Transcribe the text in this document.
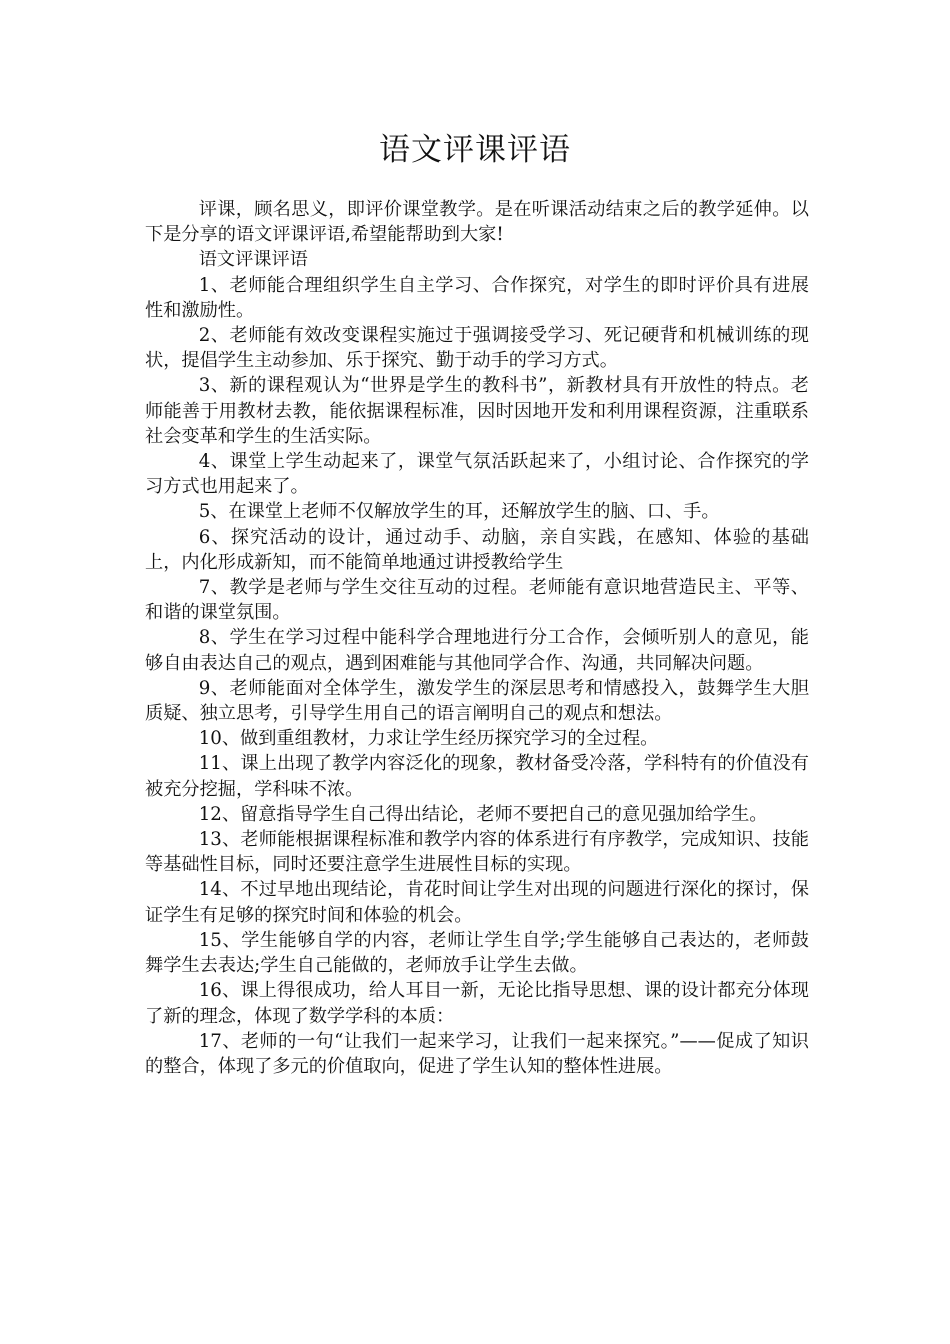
语文评课评语

评课，顾名思义，即评价课堂教学。是在听课活动结束之后的教学延伸。以下是分享的语文评课评语,希望能帮助到大家!

语文评课评语

1、老师能合理组织学生自主学习、合作探究，对学生的即时评价具有进展性和激励性。

2、老师能有效改变课程实施过于强调接受学习、死记硬背和机械训练的现状，提倡学生主动参加、乐于探究、勤于动手的学习方式。

3、新的课程观认为“世界是学生的教科书”，新教材具有开放性的特点。老师能善于用教材去教，能依据课程标准，因时因地开发和利用课程资源，注重联系社会变革和学生的生活实际。

4、课堂上学生动起来了，课堂气氛活跃起来了，小组讨论、合作探究的学习方式也用起来了。

5、在课堂上老师不仅解放学生的耳，还解放学生的脑、口、手。

6、探究活动的设计，通过动手、动脑，亲自实践，在感知、体验的基础上，内化形成新知，而不能简单地通过讲授教给学生

7、教学是老师与学生交往互动的过程。老师能有意识地营造民主、平等、和谐的课堂氛围。

8、学生在学习过程中能科学合理地进行分工合作，会倾听别人的意见，能够自由表达自己的观点，遇到困难能与其他同学合作、沟通，共同解决问题。

9、老师能面对全体学生，激发学生的深层思考和情感投入，鼓舞学生大胆质疑、独立思考，引导学生用自己的语言阐明自己的观点和想法。

10、做到重组教材，力求让学生经历探究学习的全过程。

11、课上出现了教学内容泛化的现象，教材备受冷落，学科特有的价值没有被充分挖掘，学科味不浓。

12、留意指导学生自己得出结论，老师不要把自己的意见强加给学生。

13、老师能根据课程标准和教学内容的体系进行有序教学，完成知识、技能等基础性目标，同时还要注意学生进展性目标的实现。

14、不过早地出现结论，肯花时间让学生对出现的问题进行深化的探讨，保证学生有足够的探究时间和体验的机会。

15、学生能够自学的内容，老师让学生自学;学生能够自己表达的，老师鼓舞学生去表达;学生自己能做的，老师放手让学生去做。

16、课上得很成功，给人耳目一新，无论比指导思想、课的设计都充分体现了新的理念，体现了数学学科的本质：

17、老师的一句“让我们一起来学习，让我们一起来探究。”——促成了知识的整合，体现了多元的价值取向，促进了学生认知的整体性进展。
